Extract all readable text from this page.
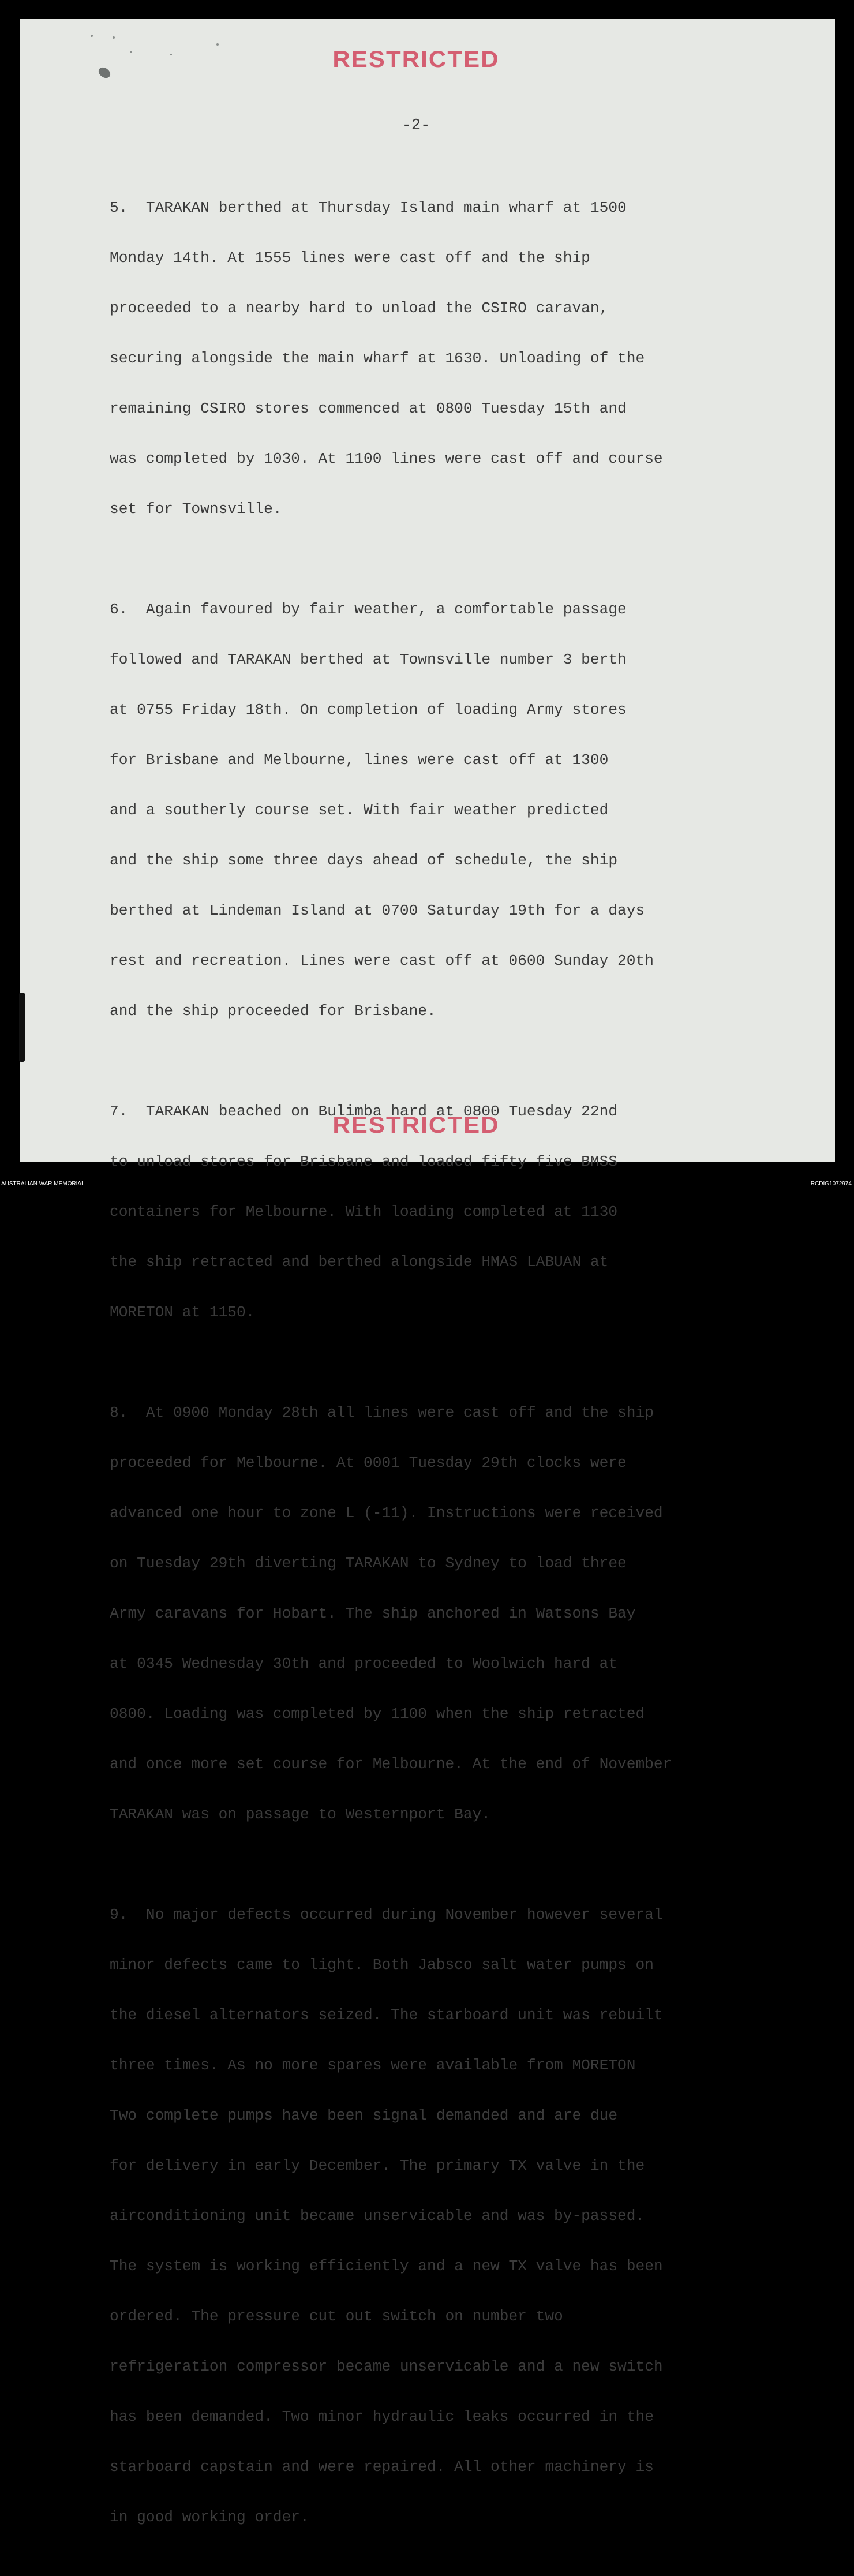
RESTRICTED
-2-

5.  TARAKAN berthed at Thursday Island main wharf at 1500

Monday 14th. At 1555 lines were cast off and the ship

proceeded to a nearby hard to unload the CSIRO caravan,

securing alongside the main wharf at 1630. Unloading of the

remaining CSIRO stores commenced at 0800 Tuesday 15th and

was completed by 1030. At 1100 lines were cast off and course

set for Townsville.

6.  Again favoured by fair weather, a comfortable passage

followed and TARAKAN berthed at Townsville number 3 berth

at 0755 Friday 18th. On completion of loading Army stores

for Brisbane and Melbourne, lines were cast off at 1300

and a southerly course set. With fair weather predicted

and the ship some three days ahead of schedule, the ship

berthed at Lindeman Island at 0700 Saturday 19th for a days

rest and recreation. Lines were cast off at 0600 Sunday 20th

and the ship proceeded for Brisbane.

7.  TARAKAN beached on Bulimba hard at 0800 Tuesday 22nd

to unload stores for Brisbane and loaded fifty five BMSS

containers for Melbourne. With loading completed at 1130

the ship retracted and berthed alongside HMAS LABUAN at

MORETON at 1150.

8.  At 0900 Monday 28th all lines were cast off and the ship

proceeded for Melbourne. At 0001 Tuesday 29th clocks were

advanced one hour to zone L (-11). Instructions were received

on Tuesday 29th diverting TARAKAN to Sydney to load three

Army caravans for Hobart. The ship anchored in Watsons Bay

at 0345 Wednesday 30th and proceeded to Woolwich hard at

0800. Loading was completed by 1100 when the ship retracted

and once more set course for Melbourne. At the end of November

TARAKAN was on passage to Westernport Bay.

9.  No major defects occurred during November however several

minor defects came to light. Both Jabsco salt water pumps on

the diesel alternators seized. The starboard unit was rebuilt

three times. As no more spares were available from MORETON

Two complete pumps have been signal demanded and are due

for delivery in early December. The primary TX valve in the

airconditioning unit became unservicable and was by-passed.

The system is working efficiently and a new TX valve has been

ordered. The pressure cut out switch on number two

refrigeration compressor became unservicable and a new switch

has been demanded. Two minor hydraulic leaks occurred in the

starboard capstain and were repaired. All other machinery is

in good working order.

RESTRICTED
AUSTRALIAN WAR MEMORIAL	RCDIG1072974
